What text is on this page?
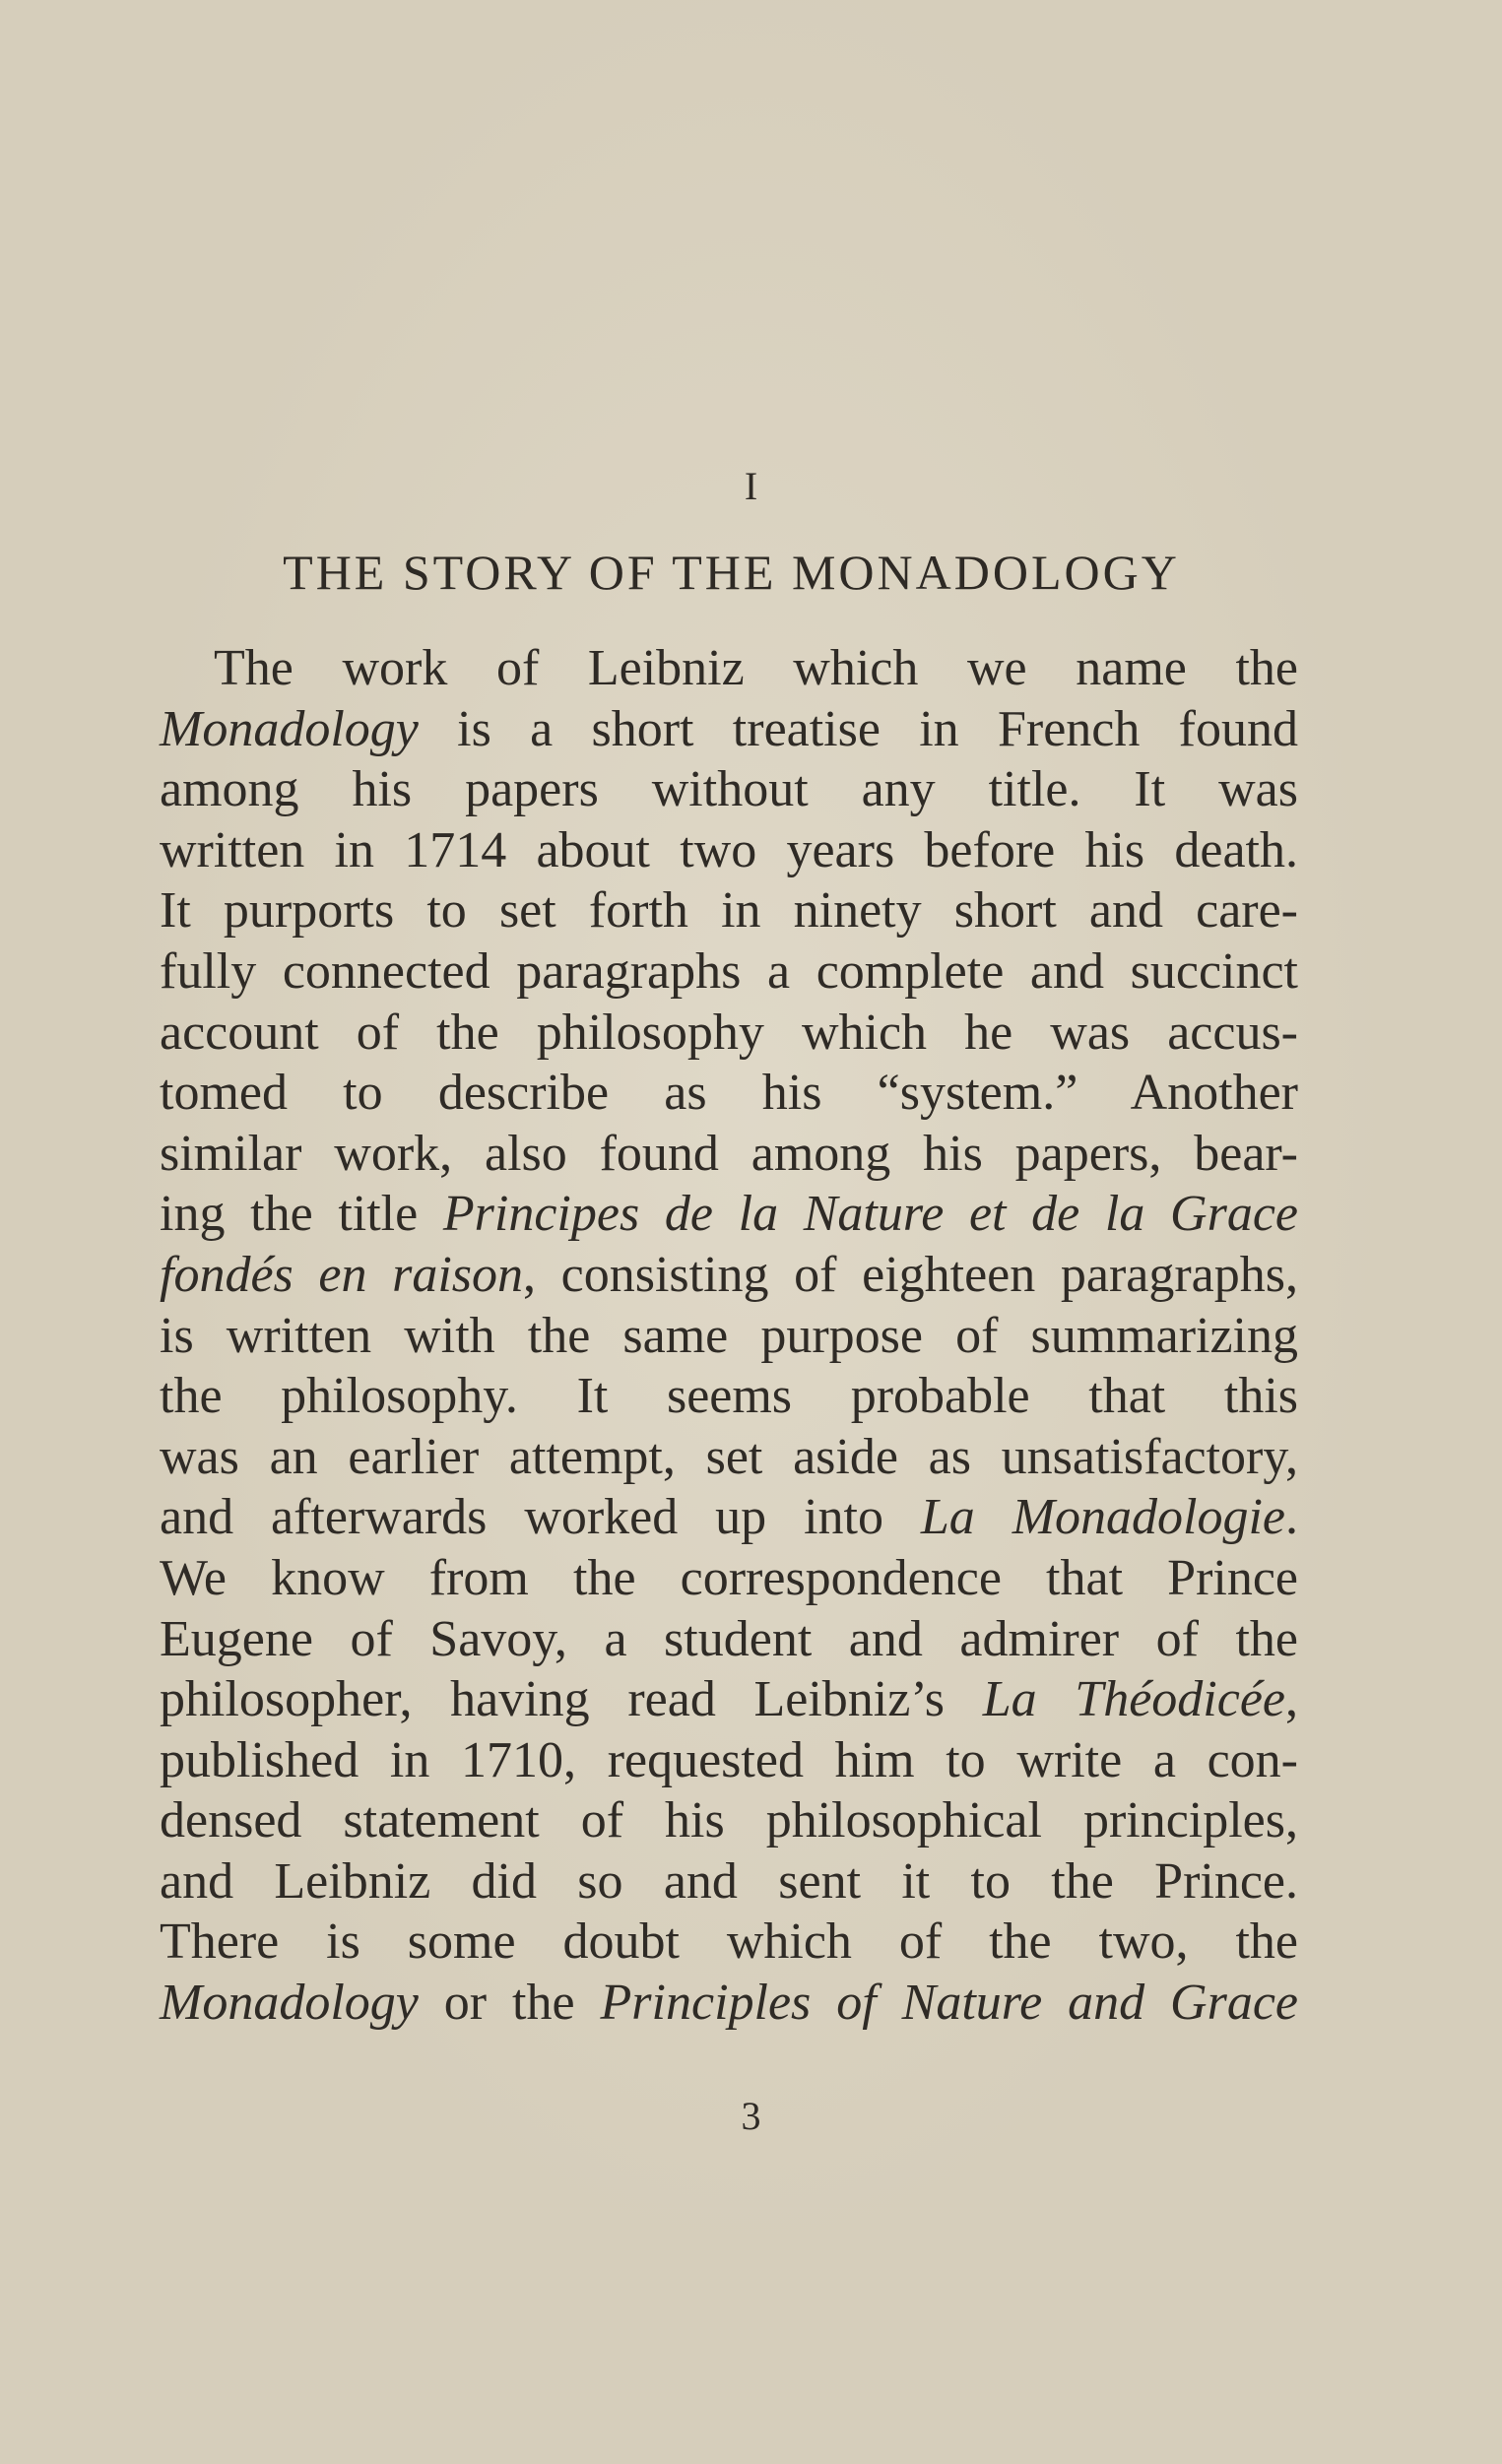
I
THE STORY OF THE MONADOLOGY
The work of Leibniz which we name the
Monadology is a short treatise in French found
among his papers without any title. It was
written in 1714 about two years before his death.
It purports to set forth in ninety short and care-
fully connected paragraphs a complete and succinct
account of the philosophy which he was accus-
tomed to describe as his “system.” Another
similar work, also found among his papers, bear-
ing the title Principes de la Nature et de la Grace
fondés en raison, consisting of eighteen paragraphs,
is written with the same purpose of summarizing
the philosophy. It seems probable that this
was an earlier attempt, set aside as unsatisfactory,
and afterwards worked up into La Monadologie.
We know from the correspondence that Prince
Eugene of Savoy, a student and admirer of the
philosopher, having read Leibniz’s La Théodicée,
published in 1710, requested him to write a con-
densed statement of his philosophical principles,
and Leibniz did so and sent it to the Prince.
There is some doubt which of the two, the
Monadology or the Principles of Nature and Grace
3
